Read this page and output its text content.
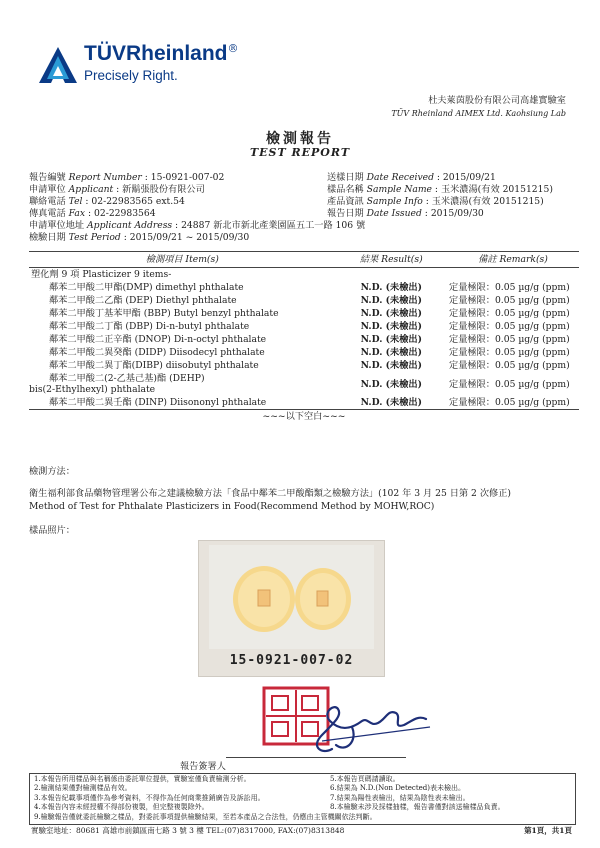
TÜVRheinland®
Precisely Right.
杜夫萊茵股份有限公司高雄實驗室
TÜV Rheinland AIMEX Ltd. Kaohsiung Lab
檢測報告
TEST REPORT
報告編號 Report Number : 15-0921-007-02
申請單位 Applicant : 新鬍張股份有限公司
聯絡電話 Tel : 02-22983565 ext.54
傳真電話 Fax : 02-22983564
申請單位地址 Applicant Address : 24887 新北市新北產業園區五工一路 106 號
檢驗日期 Test Period : 2015/09/21 ~ 2015/09/30
送樣日期 Date Received : 2015/09/21
樣品名稱 Sample Name : 玉米濃湯(有效 20151215)
產品資訊 Sample Info : 玉米濃湯(有效 20151215)
報告日期 Date Issued : 2015/09/30
檢測項目 Item(s)	結果 Result(s)	備註 Remark(s)
塑化劑 9 項 Plasticizer 9 items-		
鄰苯二甲酸二甲酯(DMP) dimethyl phthalate	N.D. (未檢出)	定量極限：0.05 µg/g (ppm)
鄰苯二甲酸二乙酯 (DEP) Diethyl phthalate	N.D. (未檢出)	定量極限：0.05 µg/g (ppm)
鄰苯二甲酸丁基苯甲酯 (BBP) Butyl benzyl phthalate	N.D. (未檢出)	定量極限：0.05 µg/g (ppm)
鄰苯二甲酸二丁酯 (DBP) Di-n-butyl phthalate	N.D. (未檢出)	定量極限：0.05 µg/g (ppm)
鄰苯二甲酸二正辛酯 (DNOP) Di-n-octyl phthalate	N.D. (未檢出)	定量極限：0.05 µg/g (ppm)
鄰苯二甲酸二異癸酯 (DIDP) Diisodecyl phthalate	N.D. (未檢出)	定量極限：0.05 µg/g (ppm)
鄰苯二甲酸二異丁酯(DIBP) diisobutyl phthalate	N.D. (未檢出)	定量極限：0.05 µg/g (ppm)
鄰苯二甲酸二(2-乙基己基)酯 (DEHP)
bis(2-Ethylhexyl) phthalate	N.D. (未檢出)	定量極限：0.05 µg/g (ppm)
鄰苯二甲酸二異壬酯 (DINP) Diisononyl phthalate	N.D. (未檢出)	定量極限：0.05 µg/g (ppm)
~~~以下空白~~~		
檢測方法：
衛生福利部食品藥物管理署公布之建議檢驗方法「食品中鄰苯二甲酸酯類之檢驗方法」(102 年 3 月 25 日第 2 次修正)
Method of Test for Phthalate Plasticizers in Food(Recommend Method by MOHW,ROC)
樣品照片：
15-0921-007-02
報告簽署人
1.本報告所用樣品與名稱係由委託單位提供，實驗室僅負責檢測分析。
2.檢測結果僅對檢測樣品有效。
3.本報告紀載事項僅作為參考資料，不得作為任何商業推銷廣告及訴訟用。
4.本報告內容未經授權不得部份複製，但完整複製除外。
9.檢驗報告僅就委託檢驗之樣品，對委託事項提供檢驗結果，至若本產品之合法性，仍應由主管機關依法判斷。
5.本報告頁碼請讀取。
6.結果為 N.D.(Non Detected)表未檢出。
7.結果為陽性表檢出，結果為陰性表未檢出。
8.本檢驗未涉及採樣抽樣，報告書僅對該送檢樣品負責。
實驗室地址：80681 高雄市前鎮區南七路 3 號 3 樓 TEL:(07)8317000, FAX:(07)8313848	第1頁，共1頁
